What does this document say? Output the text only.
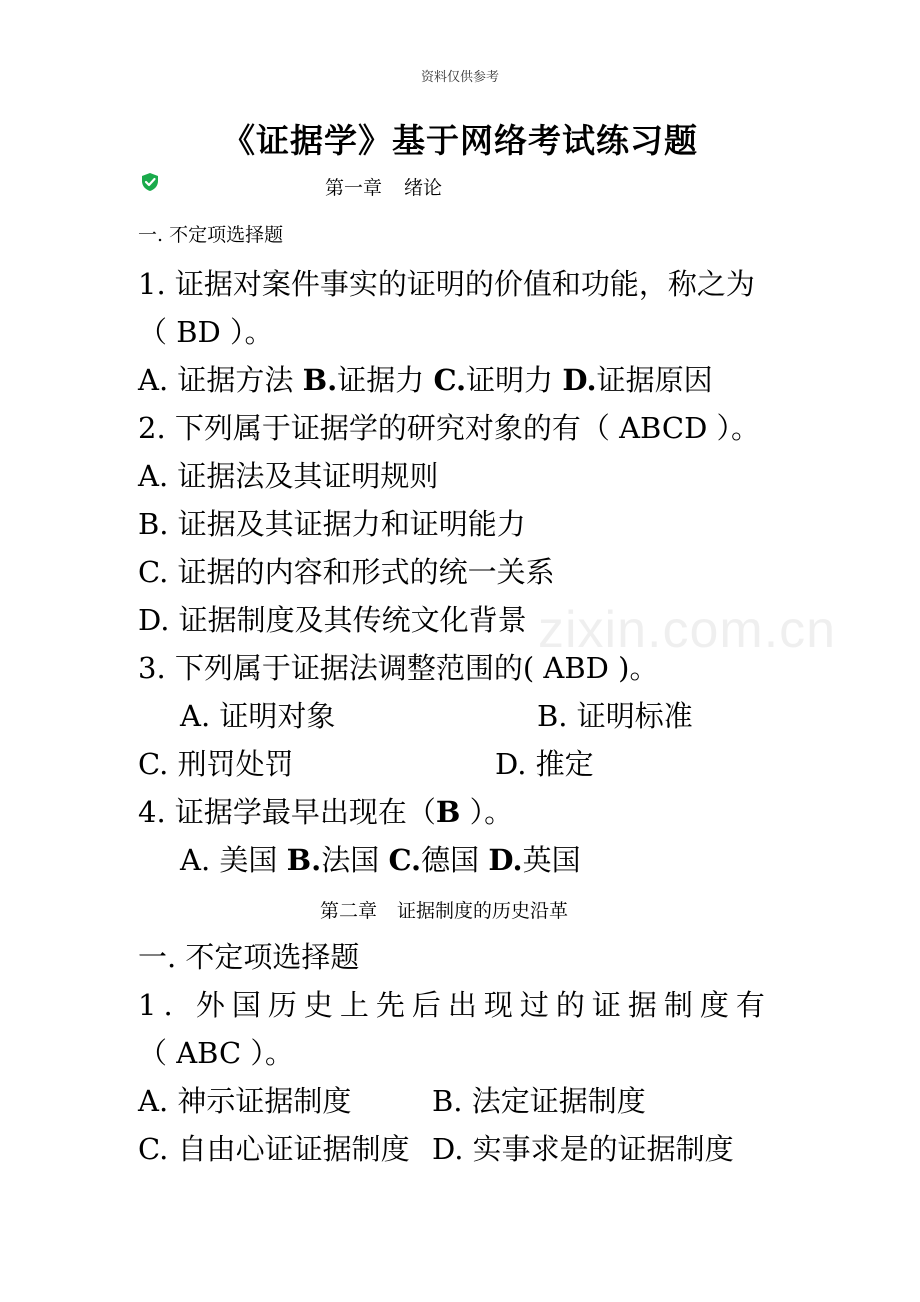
资料仅供参考
《证据学》基于网络考试练习题
第一章 绪论
一. 不定项选择题
1. 证据对案件事实的证明的价值和功能，称之为
（ BD ）。
A. 证据方法 B.证据力 C.证明力 D.证据原因
2. 下列属于证据学的研究对象的有（ ABCD ）。
A. 证据法及其证明规则
B. 证据及其证据力和证明能力
C. 证据的内容和形式的统一关系
D. 证据制度及其传统文化背景
3. 下列属于证据法调整范围的( ABD )。
A. 证明对象	B. 证明标准
C. 刑罚处罚	D. 推定
4. 证据学最早出现在（B ）。
A. 美国 B.法国 C.德国 D.英国
第二章 证据制度的历史沿革
一. 不定项选择题
1. 外国历史上先后出现过的证据制度有
（ ABC ）。
A. 神示证据制度	B. 法定证据制度
C. 自由心证证据制度 D. 实事求是的证据制度
zixin.com.cn
